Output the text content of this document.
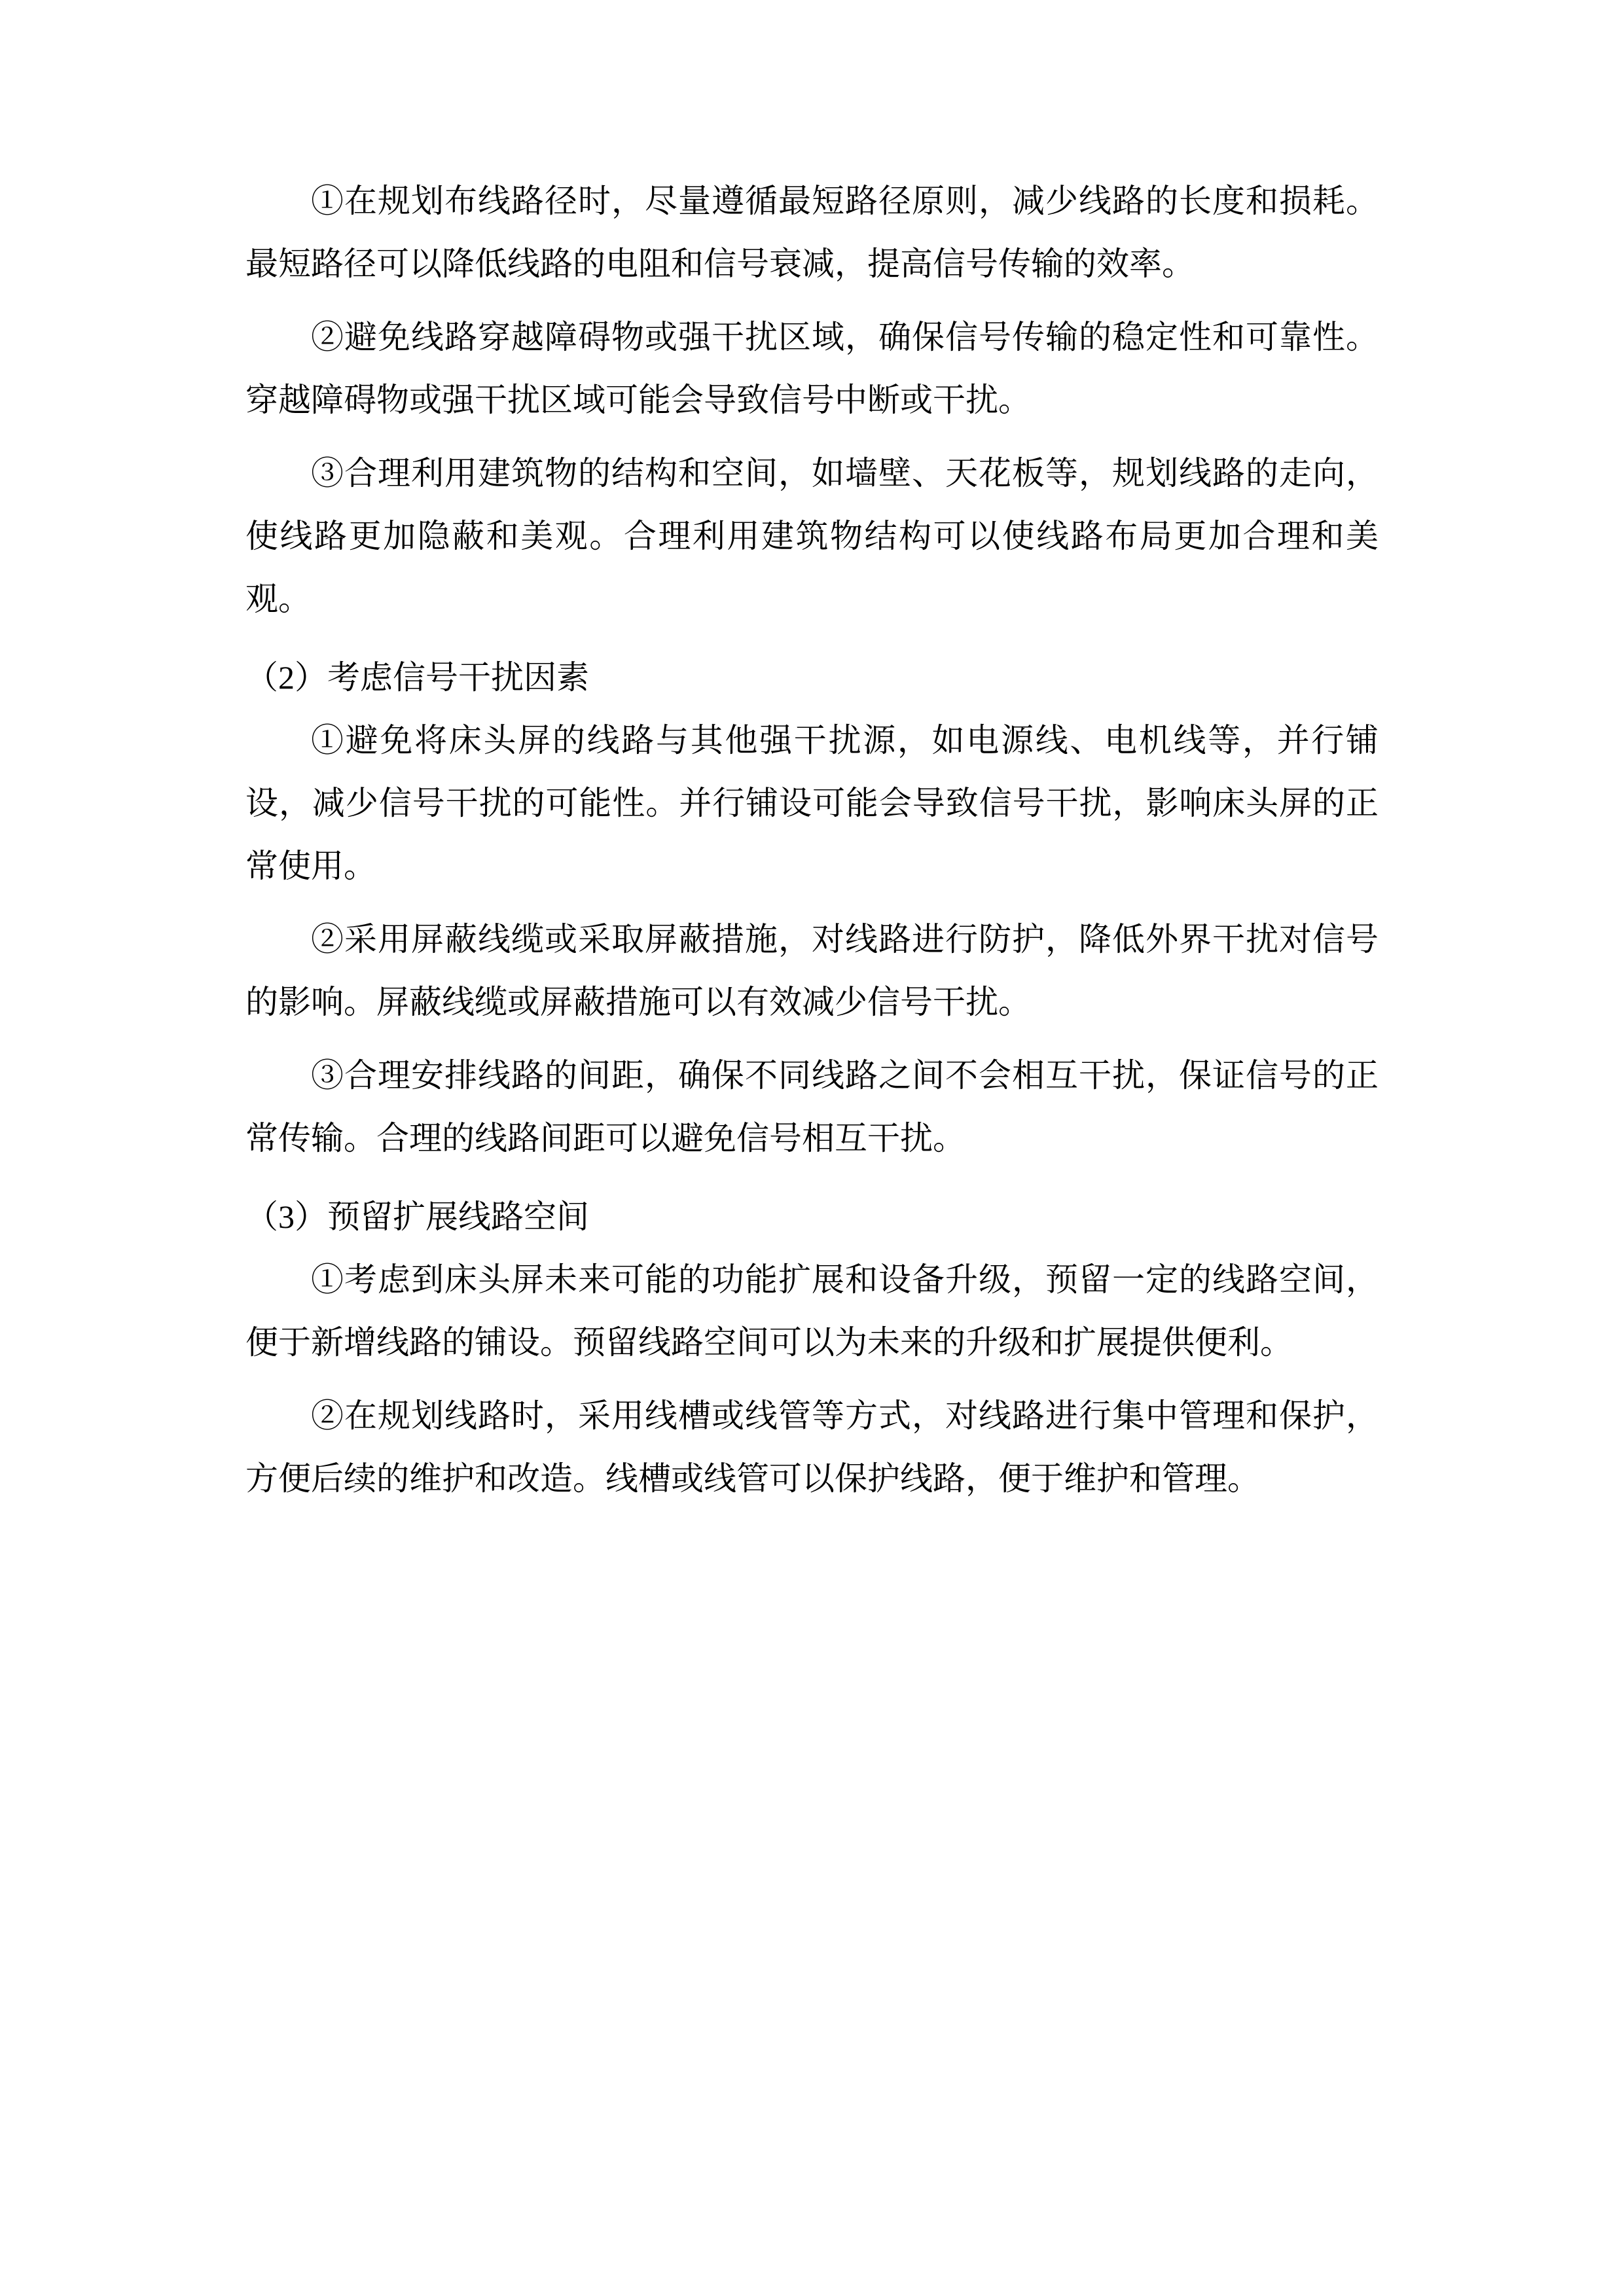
①在规划布线路径时，尽量遵循最短路径原则，减少线路的长度和损耗。最短路径可以降低线路的电阻和信号衰减，提高信号传输的效率。

②避免线路穿越障碍物或强干扰区域，确保信号传输的稳定性和可靠性。穿越障碍物或强干扰区域可能会导致信号中断或干扰。

③合理利用建筑物的结构和空间，如墙壁、天花板等，规划线路的走向，使线路更加隐蔽和美观。合理利用建筑物结构可以使线路布局更加合理和美观。

（2）考虑信号干扰因素

①避免将床头屏的线路与其他强干扰源，如电源线、电机线等，并行铺设，减少信号干扰的可能性。并行铺设可能会导致信号干扰，影响床头屏的正常使用。

②采用屏蔽线缆或采取屏蔽措施，对线路进行防护，降低外界干扰对信号的影响。屏蔽线缆或屏蔽措施可以有效减少信号干扰。

③合理安排线路的间距，确保不同线路之间不会相互干扰，保证信号的正常传输。合理的线路间距可以避免信号相互干扰。

（3）预留扩展线路空间

①考虑到床头屏未来可能的功能扩展和设备升级，预留一定的线路空间，便于新增线路的铺设。预留线路空间可以为未来的升级和扩展提供便利。

②在规划线路时，采用线槽或线管等方式，对线路进行集中管理和保护，方便后续的维护和改造。线槽或线管可以保护线路，便于维护和管理。
